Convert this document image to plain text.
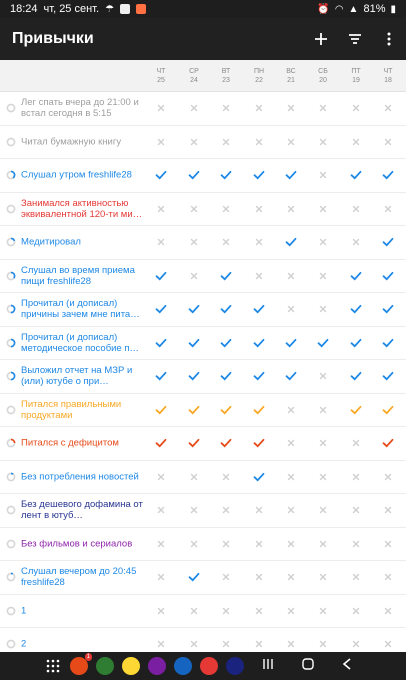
18:24 чт, 25 сент. ☂	⏰ ◠ ▲ 81% ▮
Привычки
ЧТ
25
СР
24
ВТ
23
ПН
22
ВС
21
СБ
20
ПТ
19
ЧТ
18
Лег спать вчера до 21:00 и встал сегодня в 5:15
Читал бумажную книгу
Слушал утром freshlife28
Занимался активностью эквивалентной 120-ти ми…
Медитировал
Слушал во время приема пищи freshlife28
Прочитал (и дописал) причины зачем мне пита…
Прочитал (и дописал) методическое пособие п…
Выложил отчет на МЗР и (или) ютубе о при…
Питался правильными продуктами
Питался с дефицитом
Без потребления новостей
Без дешевого дофамина от лент в ютуб…
Без фильмов и сериалов
Слушал вечером до 20:45 freshlife28
1
2
1
